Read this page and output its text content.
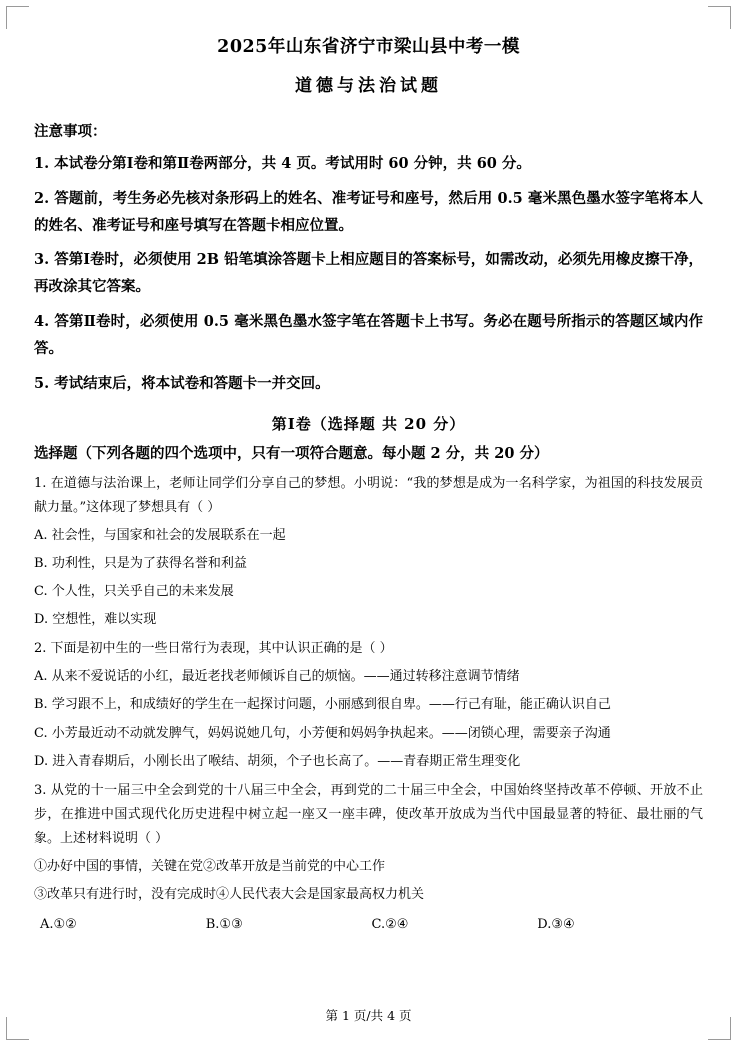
2025年山东省济宁市梁山县中考一模
道德与法治试题
注意事项：
1. 本试卷分第Ⅰ卷和第Ⅱ卷两部分，共 4 页。考试用时 60 分钟，共 60 分。
2. 答题前，考生务必先核对条形码上的姓名、准考证号和座号，然后用 0.5 毫米黑色墨水签字笔将本人的姓名、准考证号和座号填写在答题卡相应位置。
3. 答第Ⅰ卷时，必须使用 2B 铅笔填涂答题卡上相应题目的答案标号，如需改动，必须先用橡皮擦干净，再改涂其它答案。
4. 答第Ⅱ卷时，必须使用 0.5 毫米黑色墨水签字笔在答题卡上书写。务必在题号所指示的答题区域内作答。
5. 考试结束后，将本试卷和答题卡一并交回。
第Ⅰ卷（选择题 共 20 分）
选择题（下列各题的四个选项中，只有一项符合题意。每小题 2 分，共 20 分）
1. 在道德与法治课上，老师让同学们分享自己的梦想。小明说：“我的梦想是成为一名科学家，为祖国的科技发展贡献力量。”这体现了梦想具有（ ）
A. 社会性，与国家和社会的发展联系在一起
B. 功利性，只是为了获得名誉和利益
C. 个人性，只关乎自己的未来发展
D. 空想性，难以实现
2. 下面是初中生的一些日常行为表现，其中认识正确的是（ ）
A. 从来不爱说话的小红，最近老找老师倾诉自己的烦恼。——通过转移注意调节情绪
B. 学习跟不上，和成绩好的学生在一起探讨问题，小丽感到很自卑。——行己有耻，能正确认识自己
C. 小芳最近动不动就发脾气，妈妈说她几句，小芳便和妈妈争执起来。——闭锁心理，需要亲子沟通
D. 进入青春期后，小刚长出了喉结、胡须，个子也长高了。——青春期正常生理变化
3. 从党的十一届三中全会到党的十八届三中全会，再到党的二十届三中全会，中国始终坚持改革不停顿、开放不止步，在推进中国式现代化历史进程中树立起一座又一座丰碑，使改革开放成为当代中国最显著的特征、最壮丽的气象。上述材料说明（ ）
①办好中国的事情，关键在党②改革开放是当前党的中心工作
③改革只有进行时，没有完成时④人民代表大会是国家最高权力机关
A.①②	B.①③	C.②④	D.③④
第 1 页/共 4 页
